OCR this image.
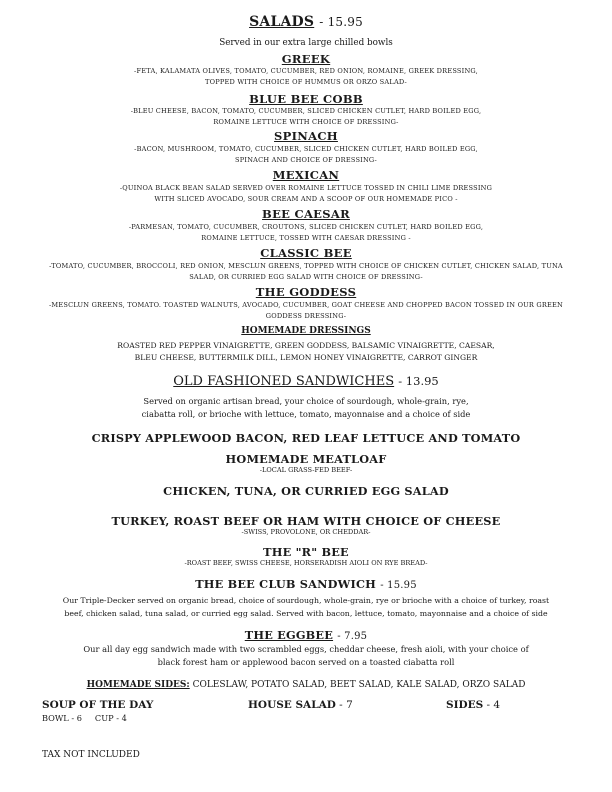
SALADS - 15.95
Served in our extra large chilled bowls
GREEK
-FETA, KALAMATA OLIVES, TOMATO, CUCUMBER, RED ONION, ROMAINE, GREEK DRESSING,
TOPPED WITH CHOICE OF HUMMUS OR ORZO SALAD-
BLUE BEE COBB
-BLEU CHEESE, BACON, TOMATO, CUCUMBER, SLICED CHICKEN CUTLET, HARD BOILED EGG,
ROMAINE LETTUCE WITH CHOICE OF DRESSING-
SPINACH
-BACON, MUSHROOM, TOMATO, CUCUMBER, SLICED CHICKEN CUTLET, HARD BOILED EGG,
SPINACH AND CHOICE OF DRESSING-
MEXICAN
-QUINOA BLACK BEAN SALAD SERVED OVER ROMAINE LETTUCE TOSSED IN CHILI LIME DRESSING
WITH SLICED AVOCADO, SOUR CREAM AND A SCOOP OF OUR HOMEMADE PICO -
BEE CAESAR
-PARMESAN, TOMATO, CUCUMBER, CROUTONS, SLICED CHICKEN CUTLET, HARD BOILED EGG,
ROMAINE LETTUCE, TOSSED WITH CAESAR DRESSING -
CLASSIC BEE
-TOMATO, CUCUMBER, BROCCOLI, RED ONION, MESCLUN GREENS, TOPPED WITH CHOICE OF CHICKEN CUTLET, CHICKEN SALAD, TUNA
SALAD, OR CURRIED EGG SALAD WITH CHOICE OF DRESSING-
THE GODDESS
-MESCLUN GREENS, TOMATO. TOASTED WALNUTS, AVOCADO, CUCUMBER, GOAT CHEESE AND CHOPPED BACON TOSSED IN OUR GREEN
GODDESS DRESSING-
HOMEMADE DRESSINGS
ROASTED RED PEPPER VINAIGRETTE, GREEN GODDESS, BALSAMIC VINAIGRETTE, CAESAR,
BLEU CHEESE, BUTTERMILK DILL, LEMON HONEY VINAIGRETTE, CARROT GINGER
OLD FASHIONED SANDWICHES - 13.95
Served on organic artisan bread, your choice of sourdough, whole-grain, rye,
ciabatta roll, or brioche with lettuce, tomato, mayonnaise and a choice of side
CRISPY APPLEWOOD BACON, RED LEAF LETTUCE AND TOMATO
HOMEMADE MEATLOAF
-LOCAL GRASS-FED BEEF-
CHICKEN, TUNA, OR CURRIED EGG SALAD
TURKEY, ROAST BEEF OR HAM WITH CHOICE OF CHEESE
-SWISS, PROVOLONE, OR CHEDDAR-
THE "R" BEE
-ROAST BEEF, SWISS CHEESE, HORSERADISH AIOLI ON RYE BREAD-
THE BEE CLUB SANDWICH - 15.95
Our Triple-Decker served on organic bread, choice of sourdough, whole-grain, rye or brioche with a choice of turkey, roast
beef, chicken salad, tuna salad, or curried egg salad. Served with bacon, lettuce, tomato, mayonnaise and a choice of side
THE EGGBEE - 7.95
Our all day egg sandwich made with two scrambled eggs, cheddar cheese, fresh aioli, with your choice of
black forest ham or applewood bacon served on a toasted ciabatta roll
HOMEMADE SIDES: COLESLAW, POTATO SALAD, BEET SALAD, KALE SALAD, ORZO SALAD
SOUP OF THE DAY
BOWL - 6     CUP - 4
HOUSE SALAD - 7	SIDES - 4
TAX NOT INCLUDED
